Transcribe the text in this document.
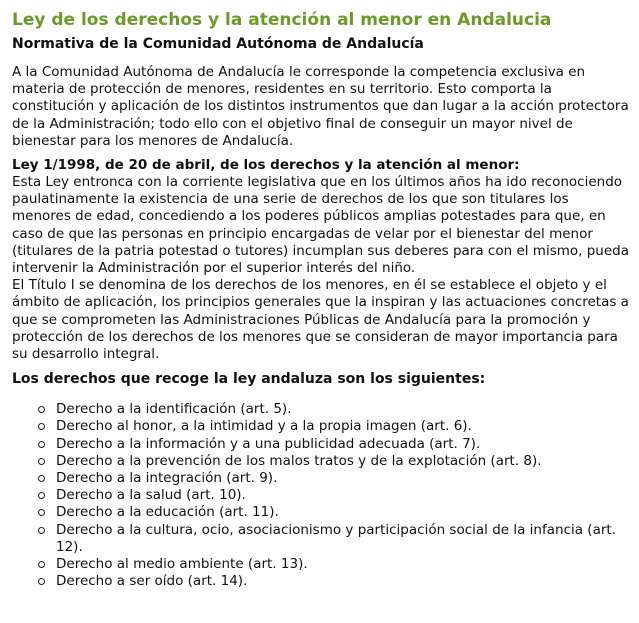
Ley de los derechos y la atención al menor en Andalucia
Normativa de la Comunidad Autónoma de Andalucía

A la Comunidad Autónoma de Andalucía le corresponde la competencia exclusiva en materia de protección de menores, residentes en su territorio. Esto comporta la constitución y aplicación de los distintos instrumentos que dan lugar a la acción protectora de la Administración; todo ello con el objetivo final de conseguir un mayor nivel de bienestar para los menores de Andalucía.

Ley 1/1998, de 20 de abril, de los derechos y la atención al menor:

Esta Ley entronca con la corriente legislativa que en los últimos años ha ido reconociendo paulatinamente la existencia de una serie de derechos de los que son titulares los menores de edad, concediendo a los poderes públicos amplias potestades para que, en caso de que las personas en principio encargadas de velar por el bienestar del menor (titulares de la patria potestad o tutores) incumplan sus deberes para con el mismo, pueda intervenir la Administración por el superior interés del niño.

El Título I se denomina de los derechos de los menores, en él se establece el objeto y el ámbito de aplicación, los principios generales que la inspiran y las actuaciones concretas a que se comprometen las Administraciones Públicas de Andalucía para la promoción y protección de los derechos de los menores que se consideran de mayor importancia para su desarrollo integral.

Los derechos que recoge la ley andaluza son los siguientes:
Derecho a la identificación (art. 5).
Derecho al honor, a la intimidad y a la propia imagen (art. 6).
Derecho a la información y a una publicidad adecuada (art. 7).
Derecho a la prevención de los malos tratos y de la explotación (art. 8).
Derecho a la integración (art. 9).
Derecho a la salud (art. 10).
Derecho a la educación (art. 11).
Derecho a la cultura, ocio, asociacionismo y participación social de la infancia (art. 12).
Derecho al medio ambiente (art. 13).
Derecho a ser oído (art. 14).
